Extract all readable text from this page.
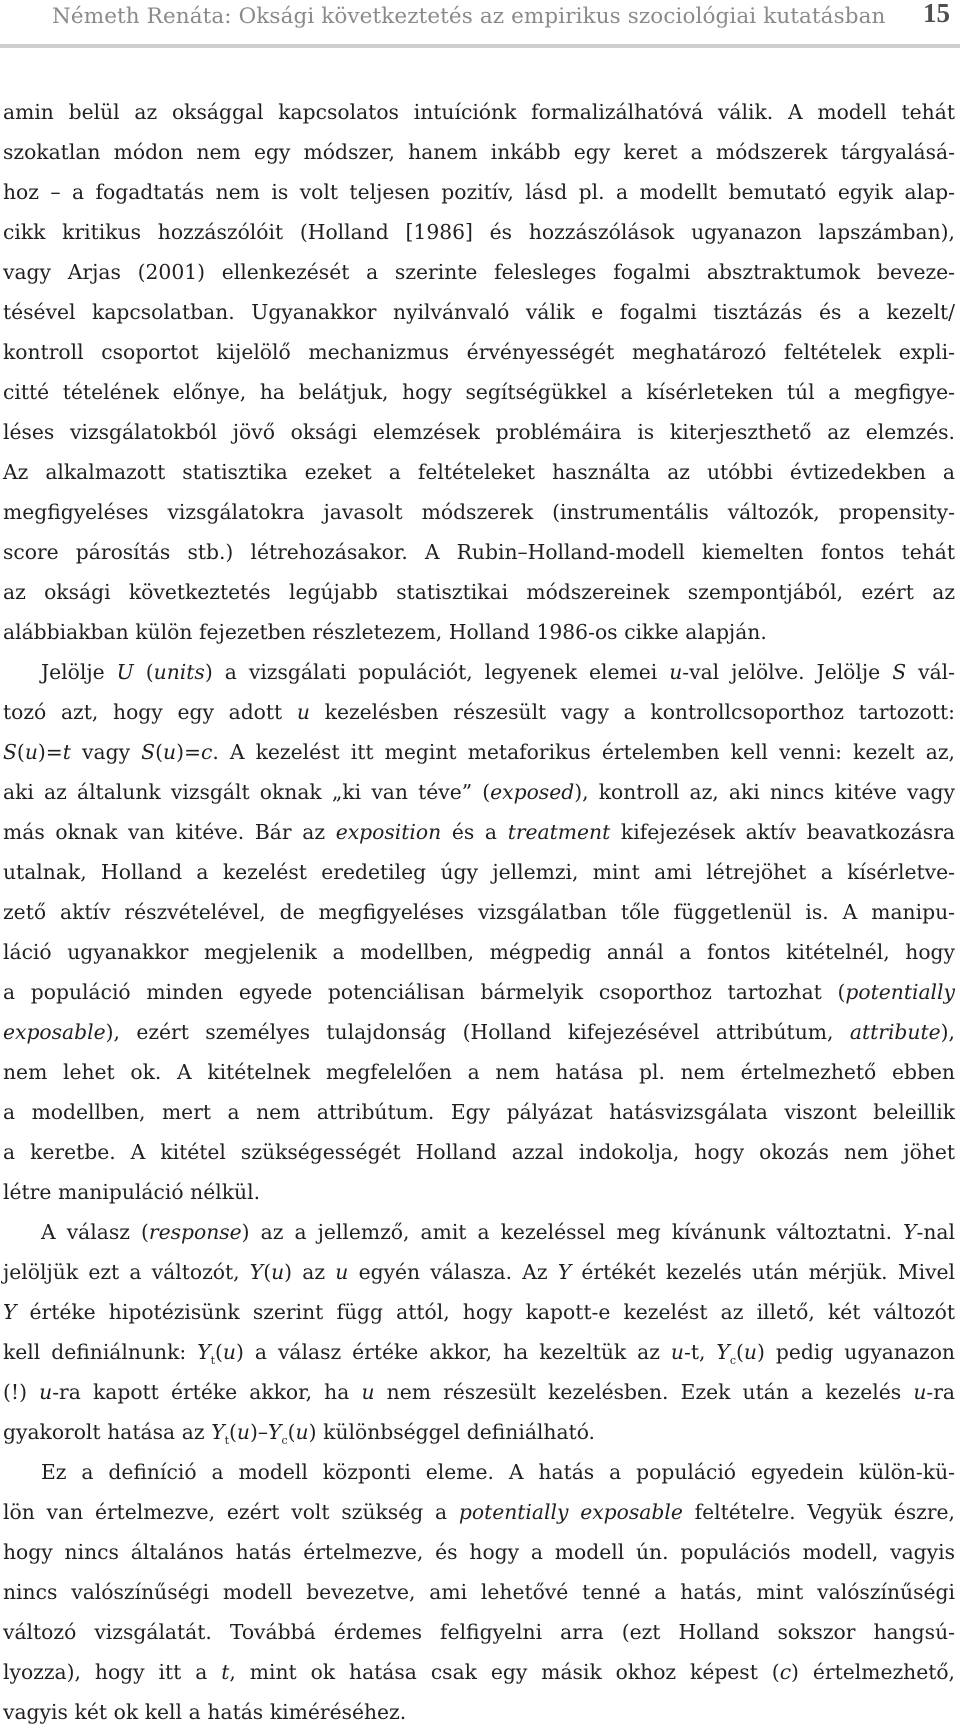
Németh Renáta: Oksági következtetés az empirikus szociológiai kutatásban 15
amin belül az oksággal kapcsolatos intuíciónk formalizálhatóvá válik. A modell tehát
szokatlan módon nem egy módszer, hanem inkább egy keret a módszerek tárgyalásá-
hoz – a fogadtatás nem is volt teljesen pozitív, lásd pl. a modellt bemutató egyik alap-
cikk kritikus hozzászólóit (Holland [1986] és hozzászólások ugyanazon lapszámban),
vagy Arjas (2001) ellenkezését a szerinte felesleges fogalmi absztraktumok beveze-
tésével kapcsolatban. Ugyanakkor nyilvánvaló válik e fogalmi tisztázás és a kezelt/
kontroll csoportot kijelölő mechanizmus érvényességét meghatározó feltételek expli-
citté tételének előnye, ha belátjuk, hogy segítségükkel a kísérleteken túl a megfigye-
léses vizsgálatokból jövő oksági elemzések problémáira is kiterjeszthető az elemzés.
Az alkalmazott statisztika ezeket a feltételeket használta az utóbbi évtizedekben a
megfigyeléses vizsgálatokra javasolt módszerek (instrumentális változók, propensity-
score párosítás stb.) létrehozásakor. A Rubin–Holland-modell kiemelten fontos tehát
az oksági következtetés legújabb statisztikai módszereinek szempontjából, ezért az
alábbiakban külön fejezetben részletezem, Holland 1986-os cikke alapján.
Jelölje U (units) a vizsgálati populációt, legyenek elemei u-val jelölve. Jelölje S vál-
tozó azt, hogy egy adott u kezelésben részesült vagy a kontrollcsoporthoz tartozott:
S(u)=t vagy S(u)=c. A kezelést itt megint metaforikus értelemben kell venni: kezelt az,
aki az általunk vizsgált oknak „ki van téve” (exposed), kontroll az, aki nincs kitéve vagy
más oknak van kitéve. Bár az exposition és a treatment kifejezések aktív beavatkozásra
utalnak, Holland a kezelést eredetileg úgy jellemzi, mint ami létrejöhet a kísérletve-
zető aktív részvételével, de megfigyeléses vizsgálatban tőle függetlenül is. A manipu-
láció ugyanakkor megjelenik a modellben, mégpedig annál a fontos kitételnél, hogy
a populáció minden egyede potenciálisan bármelyik csoporthoz tartozhat (potentially
exposable), ezért személyes tulajdonság (Holland kifejezésével attribútum, attribute),
nem lehet ok. A kitételnek megfelelően a nem hatása pl. nem értelmezhető ebben
a modellben, mert a nem attribútum. Egy pályázat hatásvizsgálata viszont beleillik
a keretbe. A kitétel szükségességét Holland azzal indokolja, hogy okozás nem jöhet
létre manipuláció nélkül.
A válasz (response) az a jellemző, amit a kezeléssel meg kívánunk változtatni. Y-nal
jelöljük ezt a változót, Y(u) az u egyén válasza. Az Y értékét kezelés után mérjük. Mivel
Y értéke hipotézisünk szerint függ attól, hogy kapott-e kezelést az illető, két változót
kell definiálnunk: $Y_t(u)$ a válasz értéke akkor, ha kezeltük az u-t, $Y_c(u)$ pedig ugyanazon
(!) u-ra kapott értéke akkor, ha u nem részesült kezelésben. Ezek után a kezelés u-ra
gyakorolt hatása az $Y_t(u)-Y_c(u)$ különbséggel definiálható.
Ez a definíció a modell központi eleme. A hatás a populáció egyedein külön-kü-
lön van értelmezve, ezért volt szükség a potentially exposable feltételre. Vegyük észre,
hogy nincs általános hatás értelmezve, és hogy a modell ún. populációs modell, vagyis
nincs valószínűségi modell bevezetve, ami lehetővé tenné a hatás, mint valószínűségi
változó vizsgálatát. Továbbá érdemes felfigyelni arra (ezt Holland sokszor hangsú-
lyozza), hogy itt a t, mint ok hatása csak egy másik okhoz képest (c) értelmezhető,
vagyis két ok kell a hatás kiméréséhez.
